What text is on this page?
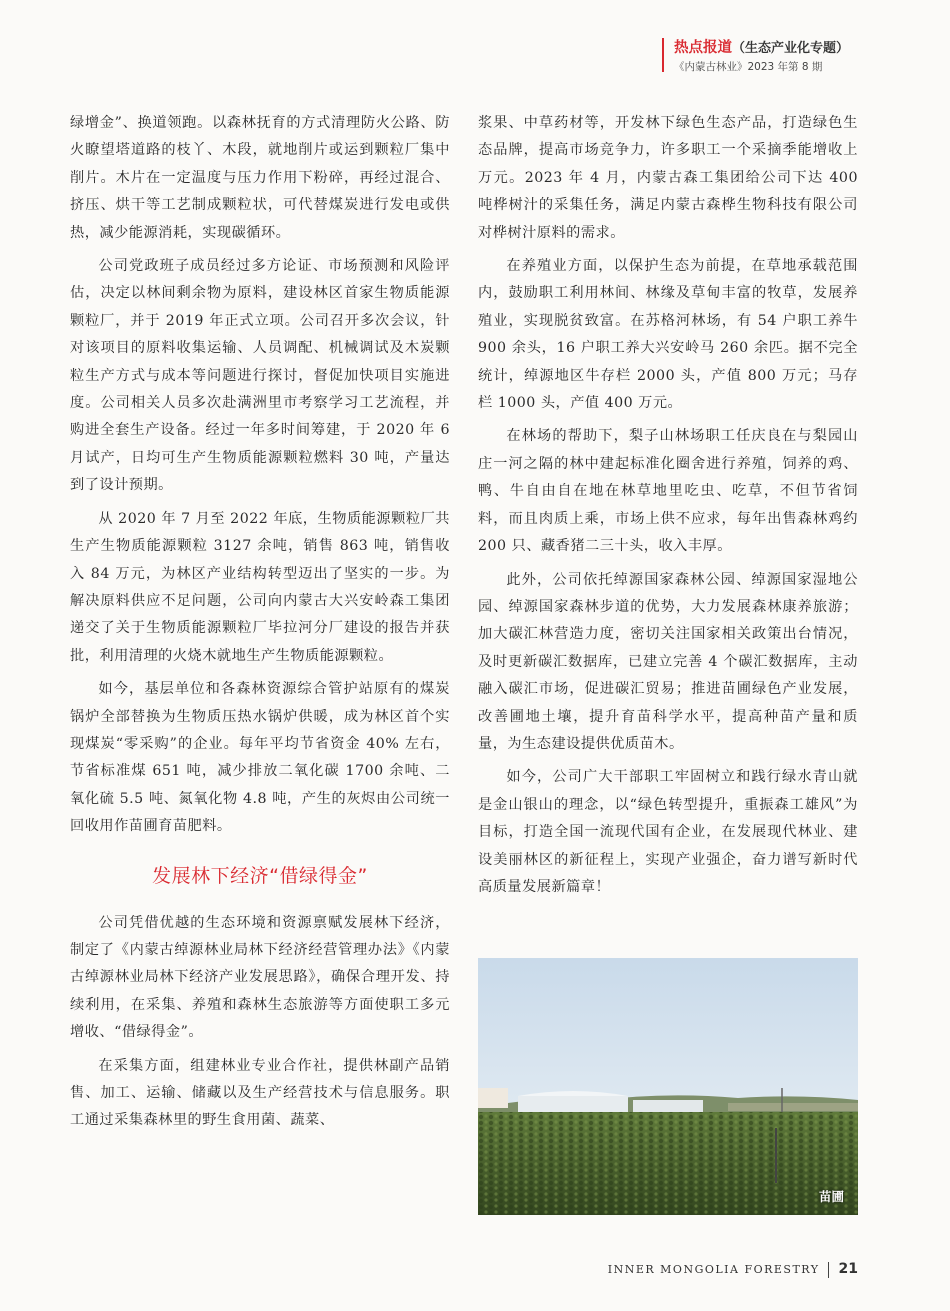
热点报道（生态产业化专题）
《内蒙古林业》2023 年第 8 期

绿增金”、换道领跑。以森林抚育的方式清理防火公路、防火瞭望塔道路的枝丫、木段，就地削片或运到颗粒厂集中削片。木片在一定温度与压力作用下粉碎，再经过混合、挤压、烘干等工艺制成颗粒状，可代替煤炭进行发电或供热，减少能源消耗，实现碳循环。

公司党政班子成员经过多方论证、市场预测和风险评估，决定以林间剩余物为原料，建设林区首家生物质能源颗粒厂，并于 2019 年正式立项。公司召开多次会议，针对该项目的原料收集运输、人员调配、机械调试及木炭颗粒生产方式与成本等问题进行探讨，督促加快项目实施进度。公司相关人员多次赴满洲里市考察学习工艺流程，并购进全套生产设备。经过一年多时间筹建，于 2020 年 6 月试产，日均可生产生物质能源颗粒燃料 30 吨，产量达到了设计预期。

从 2020 年 7 月至 2022 年底，生物质能源颗粒厂共生产生物质能源颗粒 3127 余吨，销售 863 吨，销售收入 84 万元，为林区产业结构转型迈出了坚实的一步。为解决原料供应不足问题，公司向内蒙古大兴安岭森工集团递交了关于生物质能源颗粒厂毕拉河分厂建设的报告并获批，利用清理的火烧木就地生产生物质能源颗粒。

如今，基层单位和各森林资源综合管护站原有的煤炭锅炉全部替换为生物质压热水锅炉供暖，成为林区首个实现煤炭“零采购”的企业。每年平均节省资金 40% 左右，节省标准煤 651 吨，减少排放二氧化碳 1700 余吨、二氧化硫 5.5 吨、氮氧化物 4.8 吨，产生的灰烬由公司统一回收用作苗圃育苗肥料。

发展林下经济“借绿得金”

公司凭借优越的生态环境和资源禀赋发展林下经济，制定了《内蒙古绰源林业局林下经济经营管理办法》《内蒙古绰源林业局林下经济产业发展思路》，确保合理开发、持续利用，在采集、养殖和森林生态旅游等方面使职工多元增收、“借绿得金”。

在采集方面，组建林业专业合作社，提供林副产品销售、加工、运输、储藏以及生产经营技术与信息服务。职工通过采集森林里的野生食用菌、蔬菜、

浆果、中草药材等，开发林下绿色生态产品，打造绿色生态品牌，提高市场竞争力，许多职工一个采摘季能增收上万元。2023 年 4 月，内蒙古森工集团给公司下达 400 吨桦树汁的采集任务，满足内蒙古森桦生物科技有限公司对桦树汁原料的需求。

在养殖业方面，以保护生态为前提，在草地承载范围内，鼓励职工利用林间、林缘及草甸丰富的牧草，发展养殖业，实现脱贫致富。在苏格河林场，有 54 户职工养牛 900 余头，16 户职工养大兴安岭马 260 余匹。据不完全统计，绰源地区牛存栏 2000 头，产值 800 万元；马存栏 1000 头，产值 400 万元。

在林场的帮助下，梨子山林场职工任庆良在与梨园山庄一河之隔的林中建起标准化圈舍进行养殖，饲养的鸡、鸭、牛自由自在地在林草地里吃虫、吃草，不但节省饲料，而且肉质上乘，市场上供不应求，每年出售森林鸡约 200 只、藏香猪二三十头，收入丰厚。

此外，公司依托绰源国家森林公园、绰源国家湿地公园、绰源国家森林步道的优势，大力发展森林康养旅游；加大碳汇林营造力度，密切关注国家相关政策出台情况，及时更新碳汇数据库，已建立完善 4 个碳汇数据库，主动融入碳汇市场，促进碳汇贸易；推进苗圃绿色产业发展，改善圃地土壤，提升育苗科学水平，提高种苗产量和质量，为生态建设提供优质苗木。

如今，公司广大干部职工牢固树立和践行绿水青山就是金山银山的理念，以“绿色转型提升，重振森工雄风”为目标，打造全国一流现代国有企业，在发展现代林业、建设美丽林区的新征程上，实现产业强企，奋力谱写新时代高质量发展新篇章！

苗圃
INNER MONGOLIA FORESTRY 21
